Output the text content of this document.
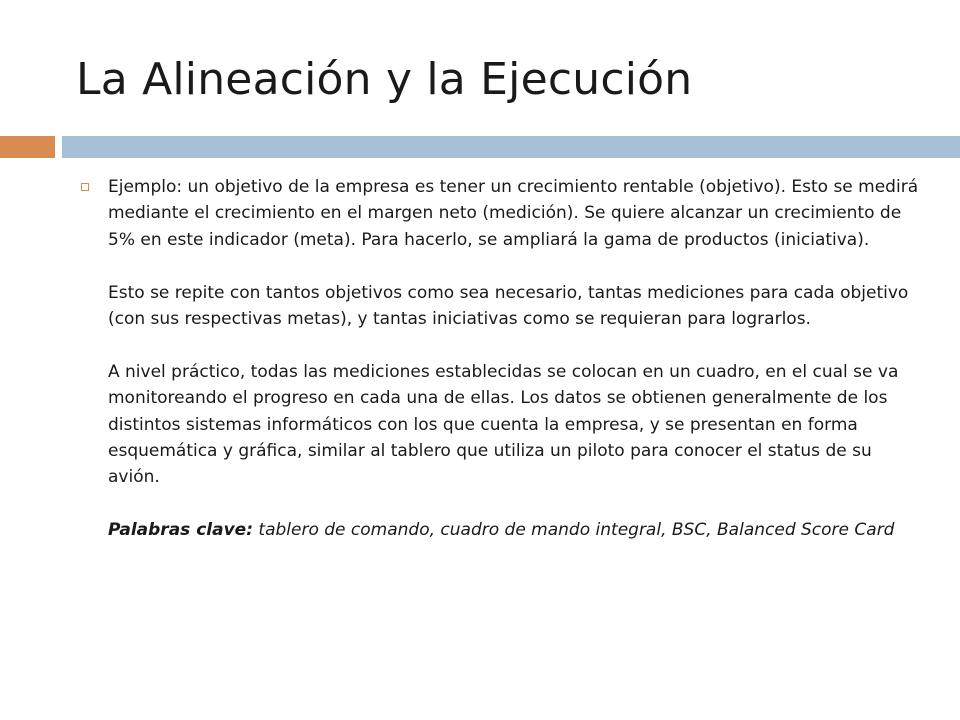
La Alineación y la Ejecución

Ejemplo: un objetivo de la empresa es tener un crecimiento rentable (objetivo). Esto se medirá mediante el crecimiento en el margen neto (medición). Se quiere alcanzar un crecimiento de 5% en este indicador (meta). Para hacerlo, se ampliará la gama de productos (iniciativa).

Esto se repite con tantos objetivos como sea necesario, tantas mediciones para cada objetivo (con sus respectivas metas), y tantas iniciativas como se requieran para lograrlos.

A nivel práctico, todas las mediciones establecidas se colocan en un cuadro, en el cual se va monitoreando el progreso en cada una de ellas. Los datos se obtienen generalmente de los distintos sistemas informáticos con los que cuenta la empresa, y se presentan en forma esquemática y gráfica, similar al tablero que utiliza un piloto para conocer el status de su avión.

Palabras clave: tablero de comando, cuadro de mando integral, BSC, Balanced Score Card
